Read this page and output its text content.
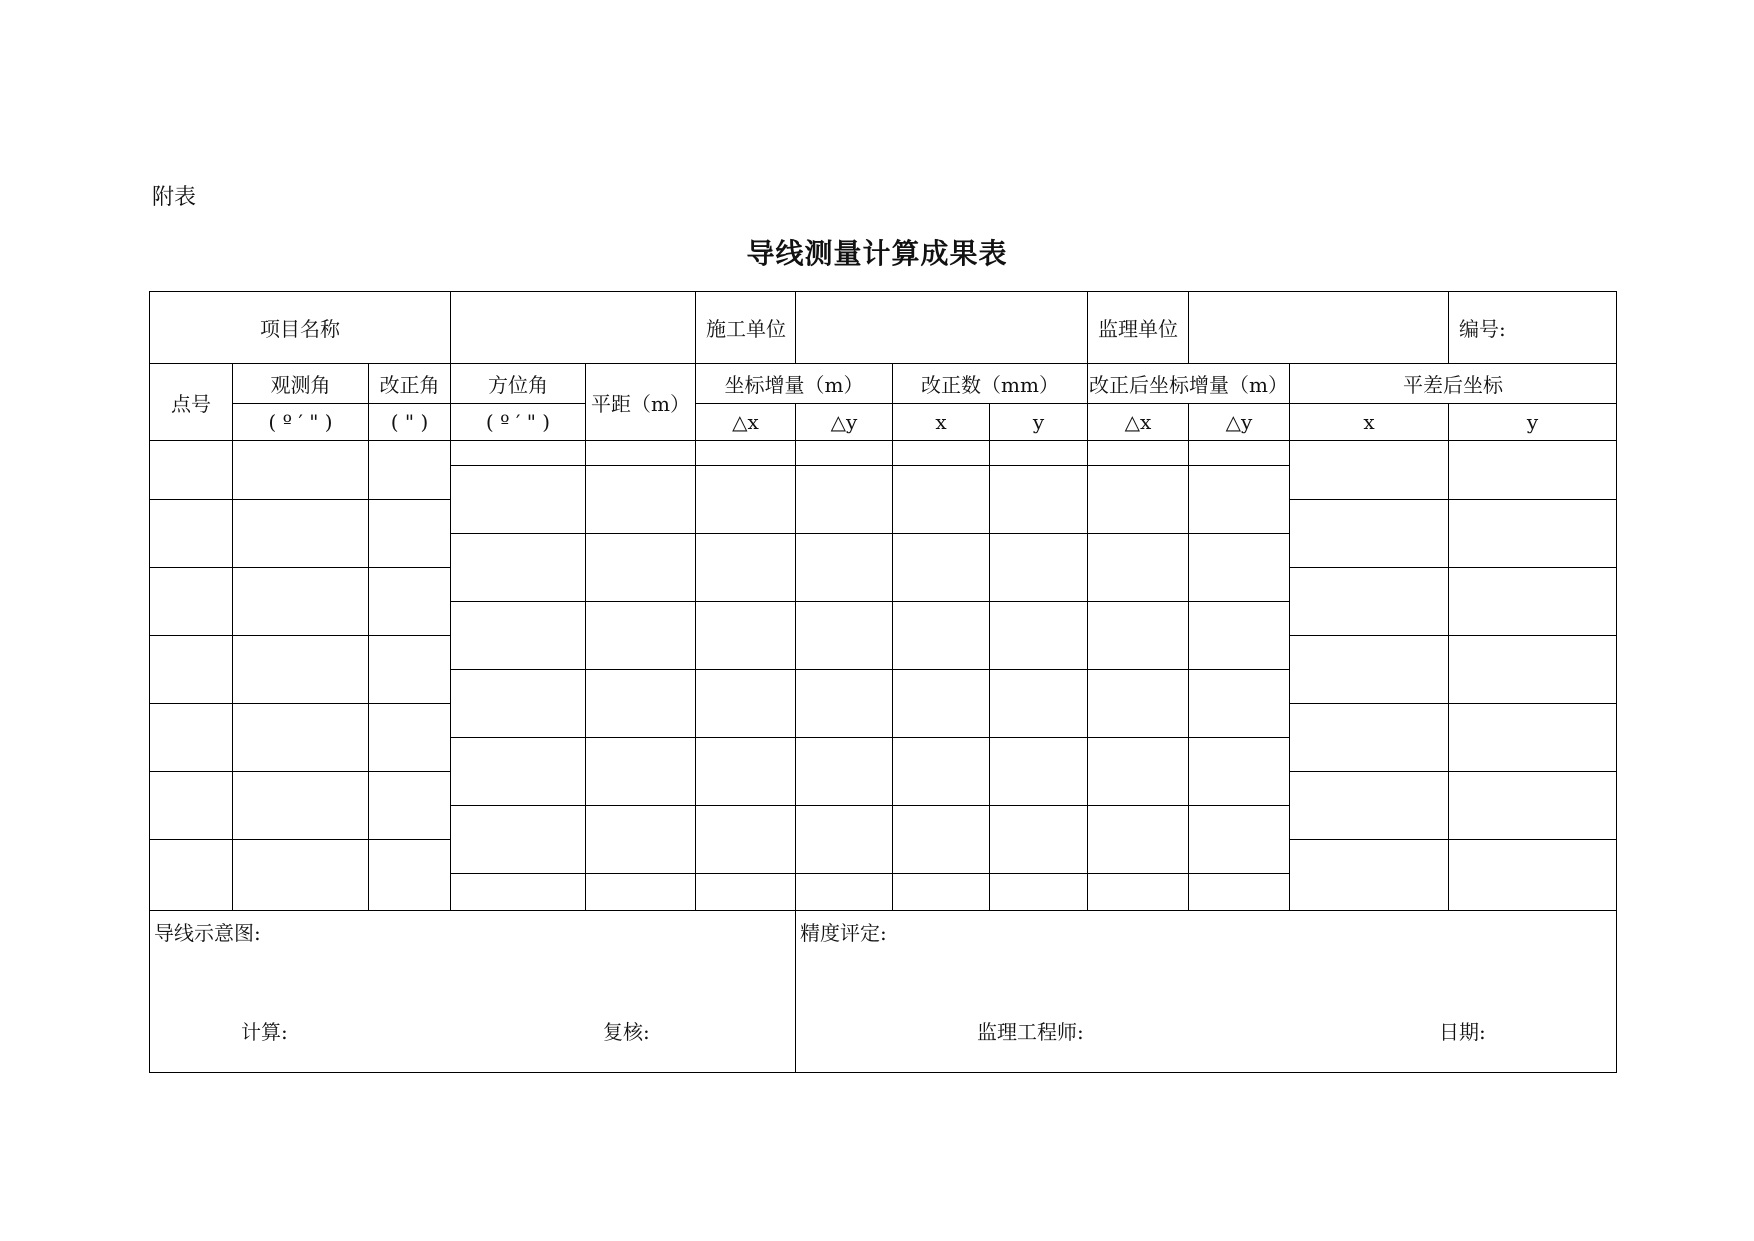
附表
导线测量计算成果表
项目名称					施工单位				监理单位			编号:
点号	观测角	改正角	方位角	平距（m）	坐标增量（m）		改正数（mm）		改正后坐标增量（m）		平差后坐标	
	( º ′ " )	( " )	( º ′ " )		△x	△y	x	y	△x	△y	x	y

导线示意图:						精度评定:						
计算:	复核:	监理工程师:	日期:
